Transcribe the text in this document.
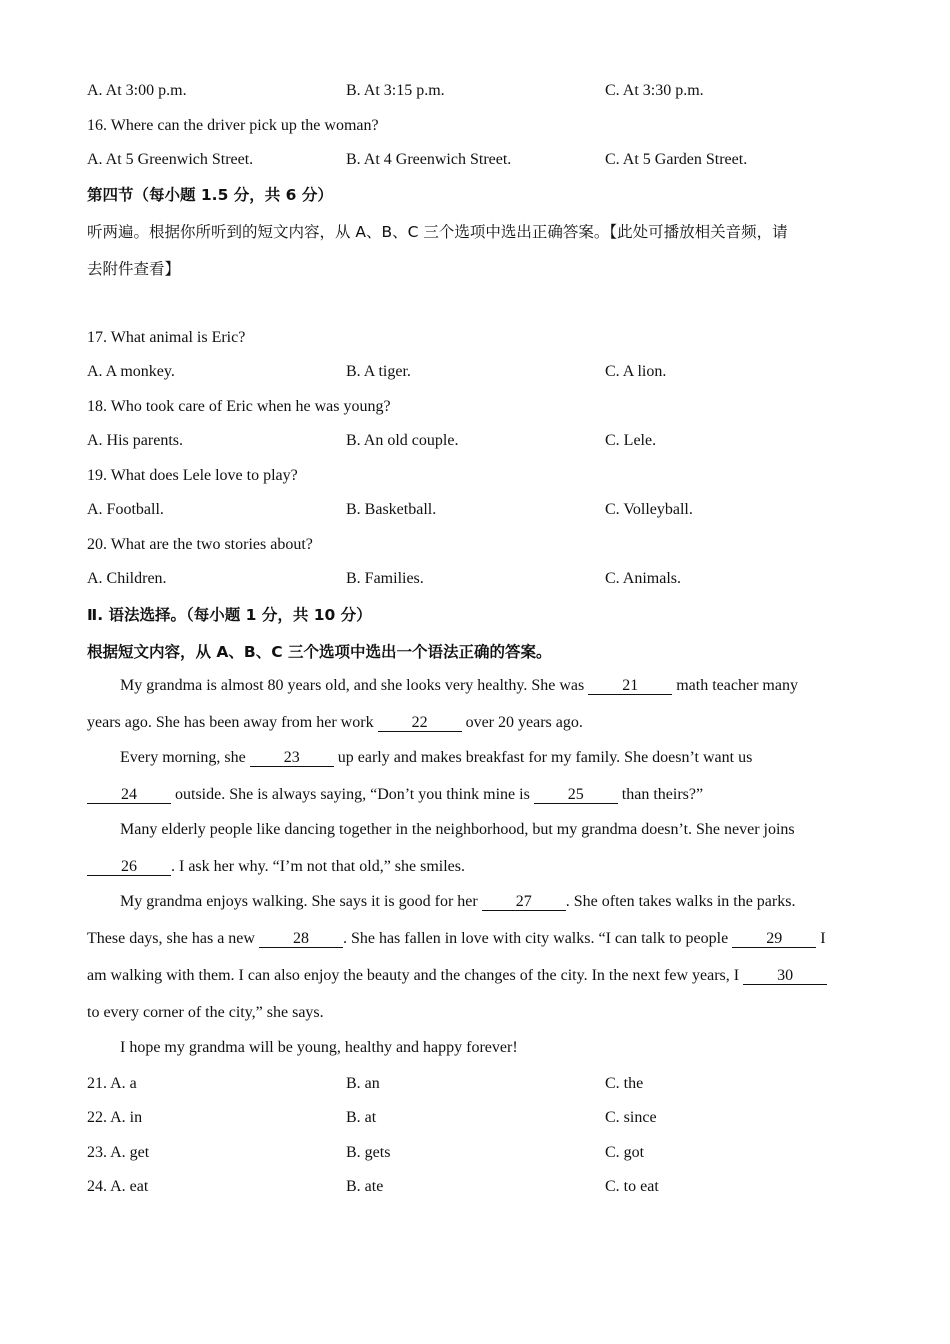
A. At 3:00 p.m.	B. At 3:15 p.m.	C. At 3:30 p.m.
16. Where can the driver pick up the woman?
A. At 5 Greenwich Street.	B. At 4 Greenwich Street.	C. At 5 Garden Street.
第四节（每小题 1.5 分，共 6 分）
听两遍。根据你所听到的短文内容，从 A、B、C 三个选项中选出正确答案。【此处可播放相关音频，请
去附件查看】
17. What animal is Eric?
A. A monkey.	B. A tiger.	C. A lion.
18. Who took care of Eric when he was young?
A. His parents.	B. An old couple.	C. Lele.
19. What does Lele love to play?
A. Football.	B. Basketball.	C. Volleyball.
20. What are the two stories about?
A. Children.	B. Families.	C. Animals.
Ⅱ. 语法选择。（每小题 1 分，共 10 分）
根据短文内容，从 A、B、C 三个选项中选出一个语法正确的答案。
My grandma is almost 80 years old, and she looks very healthy. She was 21 math teacher many
years ago. She has been away from her work 22 over 20 years ago.
Every morning, she 23 up early and makes breakfast for my family. She doesn’t want us
24 outside. She is always saying, “Don’t you think mine is 25 than theirs?”
Many elderly people like dancing together in the neighborhood, but my grandma doesn’t. She never joins
26 . I ask her why. “I’m not that old,” she smiles.
My grandma enjoys walking. She says it is good for her 27 . She often takes walks in the parks.
These days, she has a new 28 . She has fallen in love with city walks. “I can talk to people 29 I
am walking with them. I can also enjoy the beauty and the changes of the city. In the next few years, I 30
to every corner of the city,” she says.
I hope my grandma will be young, healthy and happy forever!
21. A. a	B. an	C. the
22. A. in	B. at	C. since
23. A. get	B. gets	C. got
24. A. eat	B. ate	C. to eat
